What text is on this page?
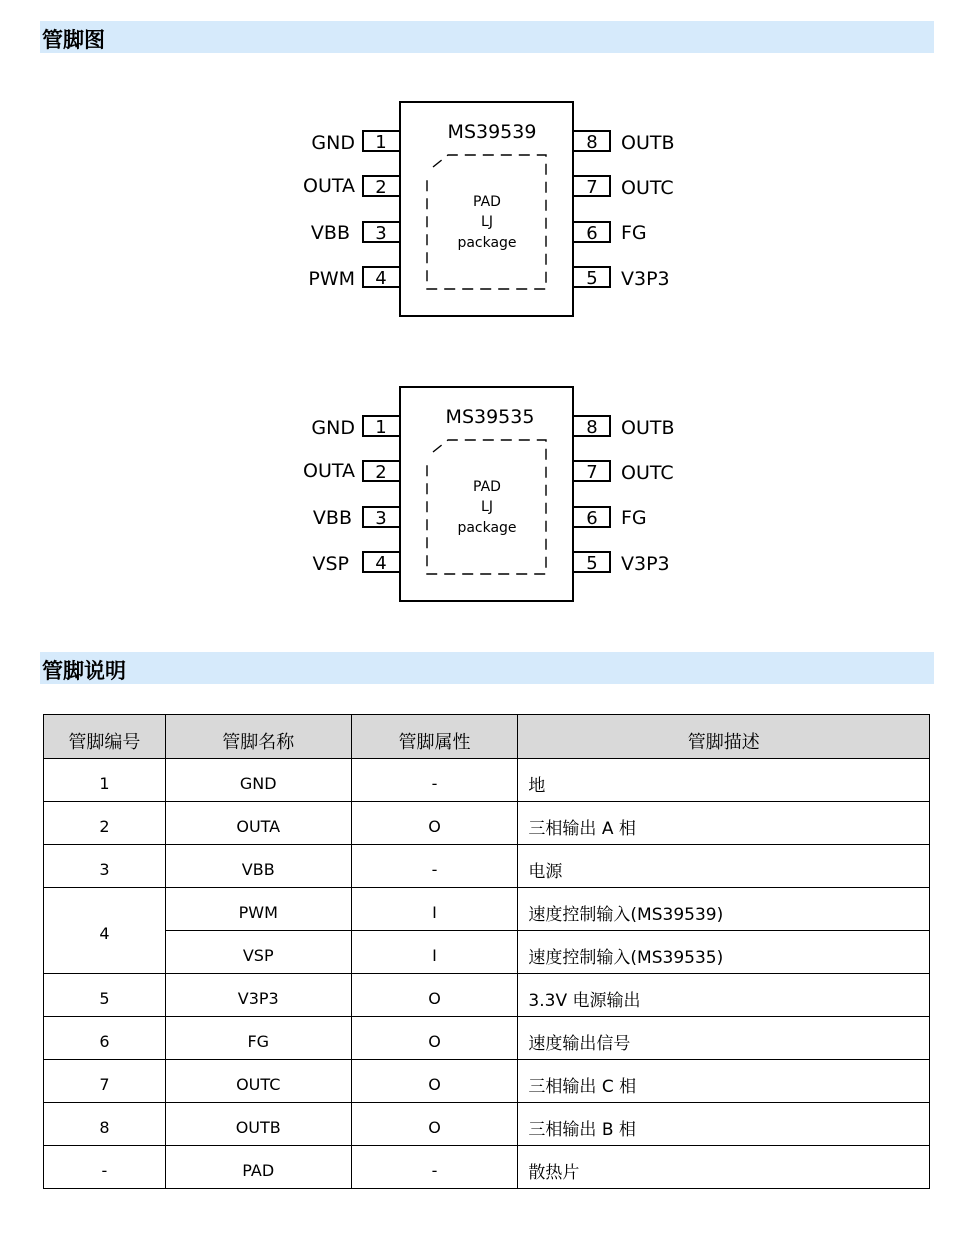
管脚图
MS39539
PAD
LJ
package
1
GND
2
OUTA
3
VBB
4
PWM
8 OUTB
7 OUTC
6 FG
5 V3P3
MS39535
PAD
LJ
package
1
GND
2
OUTA
3
VBB
4
VSP
8 OUTB
7 OUTC
6 FG
5 V3P3
管脚说明
管脚编号	管脚名称	管脚属性	管脚描述
1	GND	-	地
2	OUTA	O	三相输出 A 相
3	VBB	-	电源
4	PWM	I	速度控制输入(MS39539)
	VSP	I	速度控制输入(MS39535)
5	V3P3	O	3.3V 电源输出
6	FG	O	速度输出信号
7	OUTC	O	三相输出 C 相
8	OUTB	O	三相输出 B 相
-	PAD	-	散热片
